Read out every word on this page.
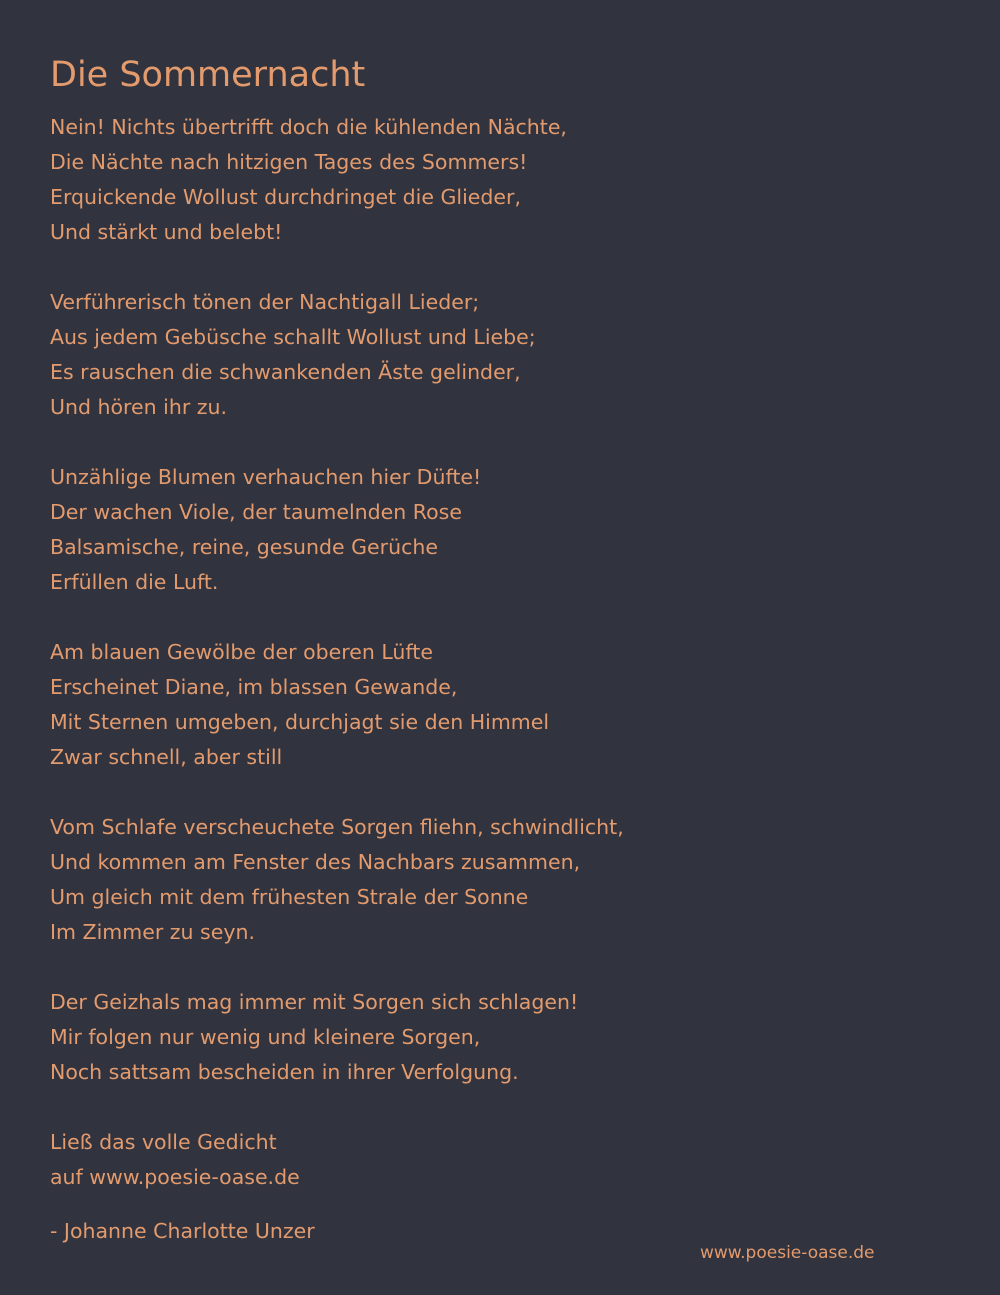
Die Sommernacht
Nein! Nichts übertrifft doch die kühlenden Nächte,
Die Nächte nach hitzigen Tages des Sommers!
Erquickende Wollust durchdringet die Glieder,
Und stärkt und belebt!
Verführerisch tönen der Nachtigall Lieder;
Aus jedem Gebüsche schallt Wollust und Liebe;
Es rauschen die schwankenden Äste gelinder,
Und hören ihr zu.
Unzählige Blumen verhauchen hier Düfte!
Der wachen Viole, der taumelnden Rose
Balsamische, reine, gesunde Gerüche
Erfüllen die Luft.
Am blauen Gewölbe der oberen Lüfte
Erscheinet Diane, im blassen Gewande,
Mit Sternen umgeben, durchjagt sie den Himmel
Zwar schnell, aber still
Vom Schlafe verscheuchete Sorgen fliehn, schwindlicht,
Und kommen am Fenster des Nachbars zusammen,
Um gleich mit dem frühesten Strale der Sonne
Im Zimmer zu seyn.
Der Geizhals mag immer mit Sorgen sich schlagen!
Mir folgen nur wenig und kleinere Sorgen,
Noch sattsam bescheiden in ihrer Verfolgung.
Ließ das volle Gedicht
auf www.poesie-oase.de
- Johanne Charlotte Unzer
www.poesie-oase.de
